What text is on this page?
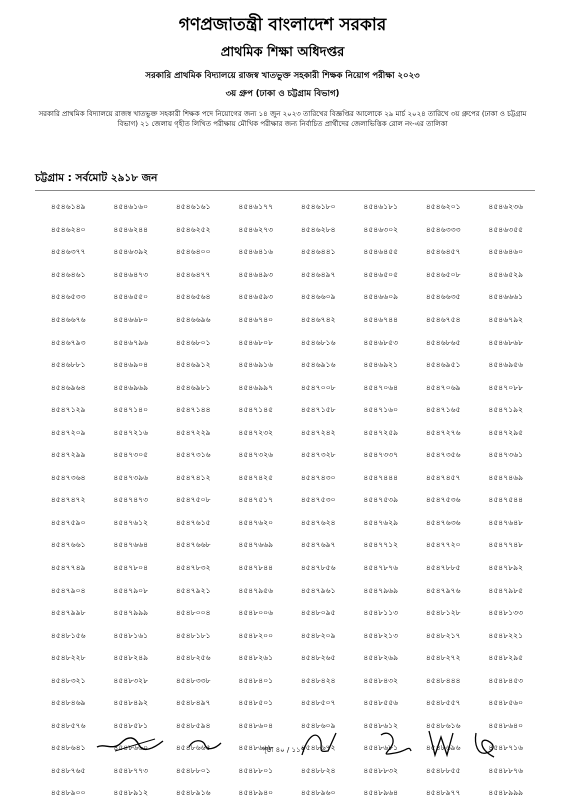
গণপ্রজাতন্ত্রী বাংলাদেশ সরকার
প্রাথমিক শিক্ষা অধিদপ্তর
সরকারি প্রাথমিক বিদ্যালয়ে রাজস্ব খাতভুক্ত সহকারী শিক্ষক নিয়োগ পরীক্ষা ২০২৩
৩য় গ্রুপ (ঢাকা ও চট্টগ্রাম বিভাগ)
সরকারি প্রাথমিক বিদ্যালয়ে রাজস্ব খাতভুক্ত সহকারী শিক্ষক পদে নিয়োগের জন্য ১৪ জুন ২০২৩ তারিখের বিজ্ঞপ্তির আলোকে ২৯ মার্চ ২০২৪ তারিখে ৩য় গ্রুপের (ঢাকা ও চট্টগ্রাম বিভাগ) ২১ জেলায় গৃহীত লিখিত পরীক্ষায় মৌখিক পরীক্ষার জন্য নির্বাচিত প্রার্থীদের জেলাভিত্তিক রোল নং-এর তালিকা
চট্টগ্রাম : সর্বমোট ২৯১৮ জন
৪৫৪৬১৪৯	৪৫৪৬১৬০	৪৫৪৬১৬১	৪৫৪৬১৭৭	৪৫৪৬১৮০	৪৫৪৬১৮১	৪৫৪৬২০১	৪৫৪৬২৩৬
৪৫৪৬২৪০	৪৫৪৬২৪৪	৪৫৪৬২৫২	৪৫৪৬২৭৩	৪৫৪৬২৮৪	৪৫৪৬৩০২	৪৫৪৬৩৩৩	৪৫৪৬৩৫৫
৪৫৪৬৩৭৭	৪৫৪৬৩৯২	৪৫৪৬৪০০	৪৫৪৬৪১৬	৪৫৪৬৪৪১	৪৫৪৬৪৫৫	৪৫৪৬৪৫৭	৪৫৪৬৪৬০
৪৫৪৬৪৬১	৪৫৪৬৪৭৩	৪৫৪৬৪৭৭	৪৫৪৬৪৯৩	৪৫৪৬৪৯৭	৪৫৪৬৫০৫	৪৫৪৬৫০৮	৪৫৪৬৫২৯
৪৫৪৬৫৩৩	৪৫৪৬৫৫০	৪৫৪৬৫৬৪	৪৫৪৬৫৯৩	৪৫৪৬৬০৯	৪৫৪৬৬০৯	৪৫৪৬৬৩৫	৪৫৪৬৬৬১
৪৫৪৬৬৭৬	৪৫৪৬৬৮০	৪৫৪৬৬৯৬	৪৫৪৬৭৪০	৪৫৪৬৭৪২	৪৫৪৬৭৪৪	৪৫৪৬৭৫৪	৪৫৪৬৭৯২
৪৫৪৬৭৯৩	৪৫৪৬৭৯৬	৪৫৪৬৮০১	৪৫৪৬৮০৮	৪৫৪৬৮১৬	৪৫৪৬৮৫৩	৪৫৪৬৮৬৫	৪৫৪৬৮৬৮
৪৫৪৬৮৮১	৪৫৪৬৯০৪	৪৫৪৬৯১২	৪৫৪৬৯১৬	৪৫৪৬৯১৬	৪৫৪৬৯২১	৪৫৪৬৯৫১	৪৫৪৬৯৫৬
৪৫৪৬৯৬৪	৪৫৪৬৯৬৯	৪৫৪৬৯৮১	৪৫৪৬৯৯৭	৪৫৪৭০০৮	৪৫৪৭০৬৪	৪৫৪৭০৬৯	৪৫৪৭০৮৮
৪৫৪৭১২৯	৪৫৪৭১৪০	৪৫৪৭১৪৪	৪৫৪৭১৪৫	৪৫৪৭১৫৮	৪৫৪৭১৬০	৪৫৪৭১৬৫	৪৫৪৭১৯২
৪৫৪৭২০৯	৪৫৪৭২১৬	৪৫৪৭২২৯	৪৫৪৭২৩২	৪৫৪৭২৪২	৪৫৪৭২৫৯	৪৫৪৭২৭৬	৪৫৪৭২৯৫
৪৫৪৭২৯৯	৪৫৪৭৩০৫	৪৫৪৭৩১৬	৪৫৪৭৩২৬	৪৫৪৭৩২৮	৪৫৪৭৩৩৭	৪৫৪৭৩৫৬	৪৫৪৭৩৬১
৪৫৪৭৩৬৪	৪৫৪৭৩৯৬	৪৫৪৭৪১২	৪৫৪৭৪২৫	৪৫৪৭৪৩০	৪৫৪৭৪৪৪	৪৫৪৭৪৫৭	৪৫৪৭৪৬৯
৪৫৪৭৪৭২	৪৫৪৭৪৭৩	৪৫৪৭৫০৮	৪৫৪৭৫১৭	৪৫৪৭৫৩০	৪৫৪৭৫৩৯	৪৫৪৭৫৩৬	৪৫৪৭৫৪৪
৪৫৪৭৫৯০	৪৫৪৭৬১২	৪৫৪৭৬১৫	৪৫৪৭৬২০	৪৫৪৭৬২৪	৪৫৪৭৬২৯	৪৫৪৭৬৩৬	৪৫৪৭৬৪৮
৪৫৪৭৬৬১	৪৫৪৭৬৬৪	৪৫৪৭৬৬৮	৪৫৪৭৬৬৯	৪৫৪৭৬৯৭	৪৫৪৭৭১২	৪৫৪৭৭২০	৪৫৪৭৭৪৮
৪৫৪৭৭৪৯	৪৫৪৭৮০৪	৪৫৪৭৮৩২	৪৫৪৭৮৪৪	৪৫৪৭৮৫৬	৪৫৪৭৮৭৬	৪৫৪৭৮৮৫	৪৫৪৭৮৯২
৪৫৪৭৯০৪	৪৫৪৭৯০৮	৪৫৪৭৯২১	৪৫৪৭৯৫৬	৪৫৪৭৯৬১	৪৫৪৭৯৬৯	৪৫৪৭৯৭৬	৪৫৪৭৯৮৫
৪৫৪৭৯৯৮	৪৫৪৭৯৯৯	৪৫৪৮০০৪	৪৫৪৮০০৬	৪৫৪৮০৯৫	৪৫৪৮১১৩	৪৫৪৮১২৮	৪৫৪৮১৩৩
৪৫৪৮১৫৬	৪৫৪৮১৬১	৪৫৪৮১৮১	৪৫৪৮২০০	৪৫৪৮২০৯	৪৫৪৮২১৩	৪৫৪৮২১৭	৪৫৪৮২২১
৪৫৪৮২২৮	৪৫৪৮২৪৯	৪৫৪৮২৫৬	৪৫৪৮২৬১	৪৫৪৮২৬৫	৪৫৪৮২৬৯	৪৫৪৮২৭২	৪৫৪৮২৯৫
৪৫৪৮৩২১	৪৫৪৮৩২৮	৪৫৪৮৩৩৮	৪৫৪৮৪০১	৪৫৪৮৪২৪	৪৫৪৮৪৩২	৪৫৪৮৪৪৪	৪৫৪৮৪৫৩
৪৫৪৮৪৬৯	৪৫৪৮৪৯২	৪৫৪৮৪৯৭	৪৫৪৮৫০১	৪৫৪৮৫০৭	৪৫৪৮৫৫৬	৪৫৪৮৫৫৭	৪৫৪৮৫৬০
৪৫৪৮৫৭৬	৪৫৪৮৫৮১	৪৫৪৮৫৯৪	৪৫৪৮৬০৪	৪৫৪৮৬০৯	৪৫৪৮৬১২	৪৫৪৮৬১৬	৪৫৪৮৬৪০
৪৫৪৮৬৪১	৪৫৪৮৬৬০	৪৫৪৮৬৬৫	৪৫৪৮৬৬৮	৪৫৪৮৬৭২	৪৫৪৮৬৮১	৪৫৪৮৬৯৬	৪৫৪৮৭১৬
৪৫৪৮৭৬৫	৪৫৪৮৭৭৩	৪৫৪৮৮০১	৪৫৪৮৮০১	৪৫৪৮৮২৪	৪৫৪৮৮৩২	৪৫৪৮৮৫৫	৪৫৪৮৮৭৬
৪৫৪৮৯০০	৪৫৪৮৯১২	৪৫৪৮৯১৬	৪৫৪৮৯৪০	৪৫৪৮৯৬০	৪৫৪৮৯৬৪	৪৫৪৮৯৭৭	৪৫৪৮৯৯৯
পৃষ্ঠা ৪০ / ১১৭
